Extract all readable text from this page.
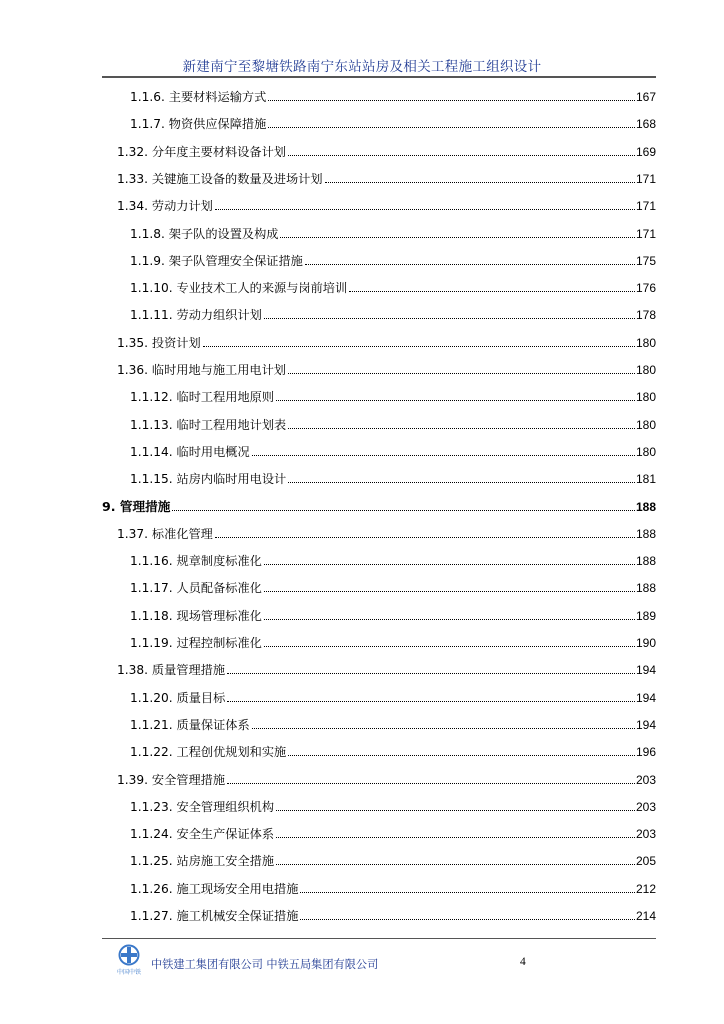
新建南宁至黎塘铁路南宁东站站房及相关工程施工组织设计
1.1.6. 主要材料运输方式	167
1.1.7. 物资供应保障措施	168
1.32. 分年度主要材料设备计划	169
1.33. 关键施工设备的数量及进场计划	171
1.34. 劳动力计划	171
1.1.8. 架子队的设置及构成	171
1.1.9. 架子队管理安全保证措施	175
1.1.10. 专业技术工人的来源与岗前培训	176
1.1.11. 劳动力组织计划	178
1.35. 投资计划	180
1.36. 临时用地与施工用电计划	180
1.1.12. 临时工程用地原则	180
1.1.13. 临时工程用地计划表	180
1.1.14. 临时用电概况	180
1.1.15. 站房内临时用电设计	181
9. 管理措施	188
1.37. 标准化管理	188
1.1.16. 规章制度标准化	188
1.1.17. 人员配备标准化	188
1.1.18. 现场管理标准化	189
1.1.19. 过程控制标准化	190
1.38. 质量管理措施	194
1.1.20. 质量目标	194
1.1.21. 质量保证体系	194
1.1.22. 工程创优规划和实施	196
1.39. 安全管理措施	203
1.1.23. 安全管理组织机构	203
1.1.24. 安全生产保证体系	203
1.1.25. 站房施工安全措施	205
1.1.26. 施工现场安全用电措施	212
1.1.27. 施工机械安全保证措施	214
中国中铁
中铁建工集团有限公司 中铁五局集团有限公司	4
